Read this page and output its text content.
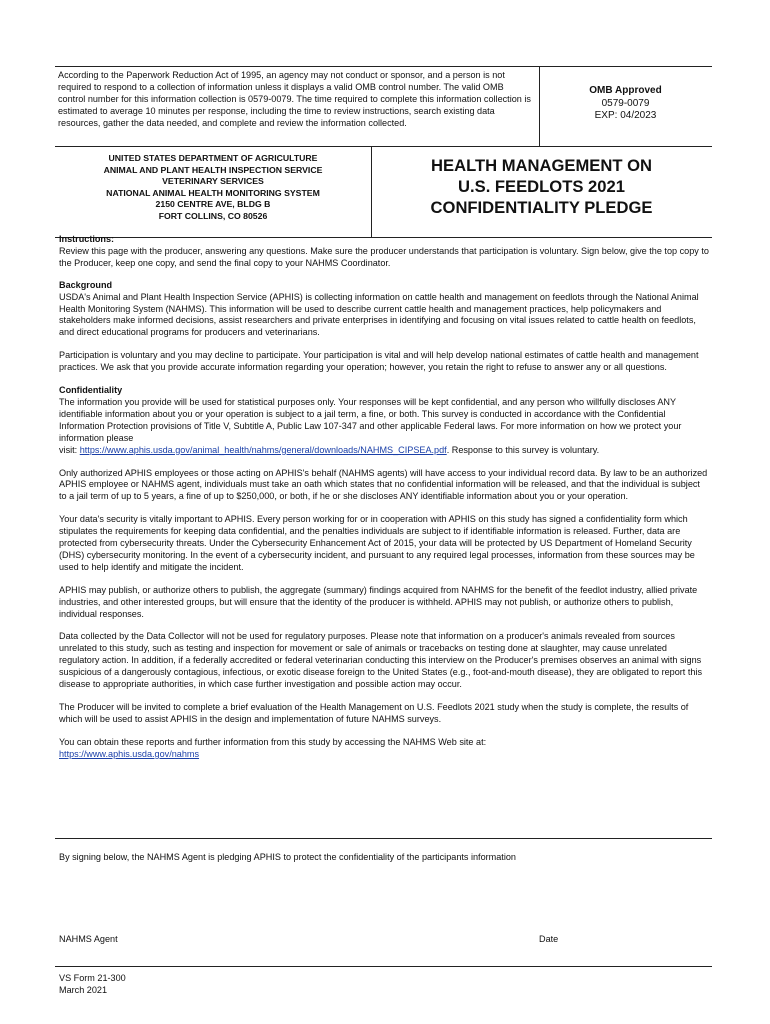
According to the Paperwork Reduction Act of 1995, an agency may not conduct or sponsor, and a person is not required to respond to a collection of information unless it displays a valid OMB control number. The valid OMB control number for this information collection is 0579-0079. The time required to complete this information collection is estimated to average 10 minutes per response, including the time to review instructions, search existing data resources, gather the data needed, and complete and review the information collected.
OMB Approved
0579-0079
EXP: 04/2023
UNITED STATES DEPARTMENT OF AGRICULTURE
ANIMAL AND PLANT HEALTH INSPECTION SERVICE
VETERINARY SERVICES
NATIONAL ANIMAL HEALTH MONITORING SYSTEM
2150 CENTRE AVE, BLDG B
FORT COLLINS, CO 80526
HEALTH MANAGEMENT ON
U.S. FEEDLOTS 2021
CONFIDENTIALITY PLEDGE

Instructions:

Review this page with the producer, answering any questions. Make sure the producer understands that participation is voluntary. Sign below, give the top copy to the Producer, keep one copy, and send the final copy to your NAHMS Coordinator.

Background

USDA's Animal and Plant Health Inspection Service (APHIS) is collecting information on cattle health and management on feedlots through the National Animal Health Monitoring System (NAHMS). This information will be used to describe current cattle health and management practices, help policymakers and stakeholders make informed decisions, assist researchers and private enterprises in identifying and focusing on vital issues related to cattle health on feedlots, and direct educational programs for producers and veterinarians.

Participation is voluntary and you may decline to participate. Your participation is vital and will help develop national estimates of cattle health and management practices. We ask that you provide accurate information regarding your operation; however, you retain the right to refuse to answer any or all questions.

Confidentiality

The information you provide will be used for statistical purposes only. Your responses will be kept confidential, and any person who willfully discloses ANY identifiable information about you or your operation is subject to a jail term, a fine, or both. This survey is conducted in accordance with the Confidential Information Protection provisions of Title V, Subtitle A, Public Law 107-347 and other applicable Federal laws. For more information on how we protect your information please
visit: https://www.aphis.usda.gov/animal_health/nahms/general/downloads/NAHMS_CIPSEA.pdf. Response to this survey is voluntary.

Only authorized APHIS employees or those acting on APHIS's behalf (NAHMS agents) will have access to your individual record data. By law to be an authorized APHIS employee or NAHMS agent, individuals must take an oath which states that no confidential information will be released, and that the individual is subject to a jail term of up to 5 years, a fine of up to $250,000, or both, if he or she discloses ANY identifiable information about you or your operation.

Your data's security is vitally important to APHIS. Every person working for or in cooperation with APHIS on this study has signed a confidentiality form which stipulates the requirements for keeping data confidential, and the penalties individuals are subject to if identifiable information is released. Further, data are protected from cybersecurity threats. Under the Cybersecurity Enhancement Act of 2015, your data will be protected by US Department of Homeland Security (DHS) cybersecurity monitoring. In the event of a cybersecurity incident, and pursuant to any required legal processes, information from these sources may be used to help identify and mitigate the incident.

APHIS may publish, or authorize others to publish, the aggregate (summary) findings acquired from NAHMS for the benefit of the feedlot industry, allied private industries, and other interested groups, but will ensure that the identity of the producer is withheld. APHIS may not publish, or authorize others to publish, individual responses.

Data collected by the Data Collector will not be used for regulatory purposes. Please note that information on a producer's animals revealed from sources unrelated to this study, such as testing and inspection for movement or sale of animals or tracebacks on testing done at slaughter, may cause unrelated regulatory action. In addition, if a federally accredited or federal veterinarian conducting this interview on the Producer's premises observes an animal with signs suspicious of a dangerously contagious, infectious, or exotic disease foreign to the United States (e.g., foot-and-mouth disease), they are obligated to report this disease to appropriate authorities, in which case further investigation and possible action may occur.

The Producer will be invited to complete a brief evaluation of the Health Management on U.S. Feedlots 2021 study when the study is complete, the results of which will be used to assist APHIS in the design and implementation of future NAHMS surveys.

You can obtain these reports and further information from this study by accessing the NAHMS Web site at:
https://www.aphis.usda.gov/nahms

By signing below, the NAHMS Agent is pledging APHIS to protect the confidentiality of the participants information
NAHMS Agent	Date
VS Form 21-300
March 2021
